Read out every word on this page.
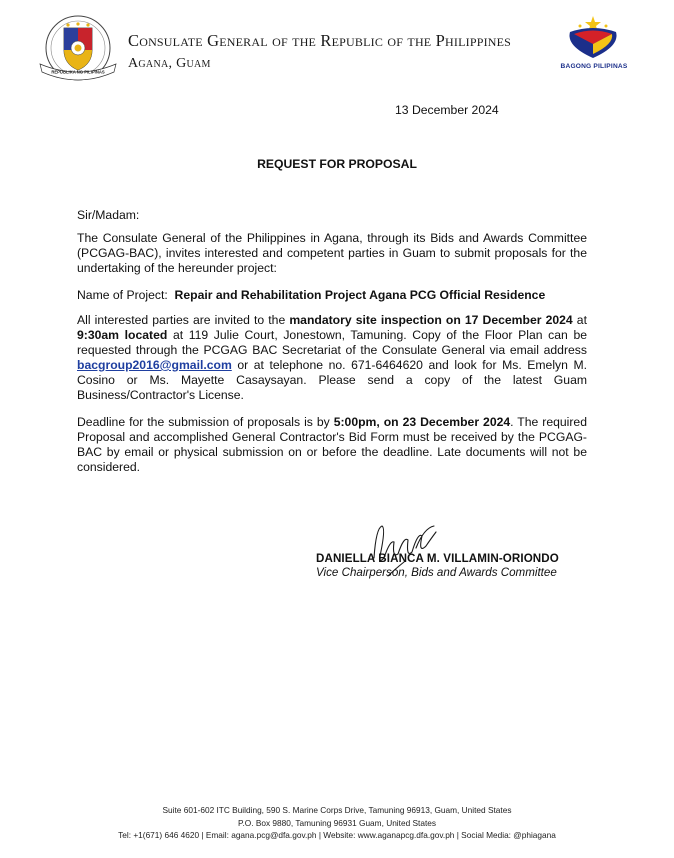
REPUBLIKA NG PILIPINAS
Consulate General of the Republic of the Philippines
Agana, Guam	BAGONG PILIPINAS
13 December 2024
REQUEST FOR PROPOSAL
Sir/Madam:
The Consulate General of the Philippines in Agana, through its Bids and Awards Committee (PCGAG-BAC), invites interested and competent parties in Guam to submit proposals for the undertaking of the hereunder project:
Name of Project: Repair and Rehabilitation Project Agana PCG Official Residence
All interested parties are invited to the mandatory site inspection on 17 December 2024 at 9:30am located at 119 Julie Court, Jonestown, Tamuning. Copy of the Floor Plan can be requested through the PCGAG BAC Secretariat of the Consulate General via email address bacgroup2016@gmail.com or at telephone no. 671-6464620 and look for Ms. Emelyn M. Cosino or Ms. Mayette Casaysayan. Please send a copy of the latest Guam Business/Contractor's License.
Deadline for the submission of proposals is by 5:00pm, on 23 December 2024. The required Proposal and accomplished General Contractor's Bid Form must be received by the PCGAG-BAC by email or physical submission on or before the deadline. Late documents will not be considered.
DANIELLA BIANCA M. VILLAMIN-ORIONDO
Vice Chairperson, Bids and Awards Committee
Suite 601-602 ITC Building, 590 S. Marine Corps Drive, Tamuning 96913, Guam, United States
P.O. Box 9880, Tamuning 96931 Guam, United States
Tel: +1(671) 646 4620 | Email: agana.pcg@dfa.gov.ph | Website: www.aganapcg.dfa.gov.ph | Social Media: @phiagana
